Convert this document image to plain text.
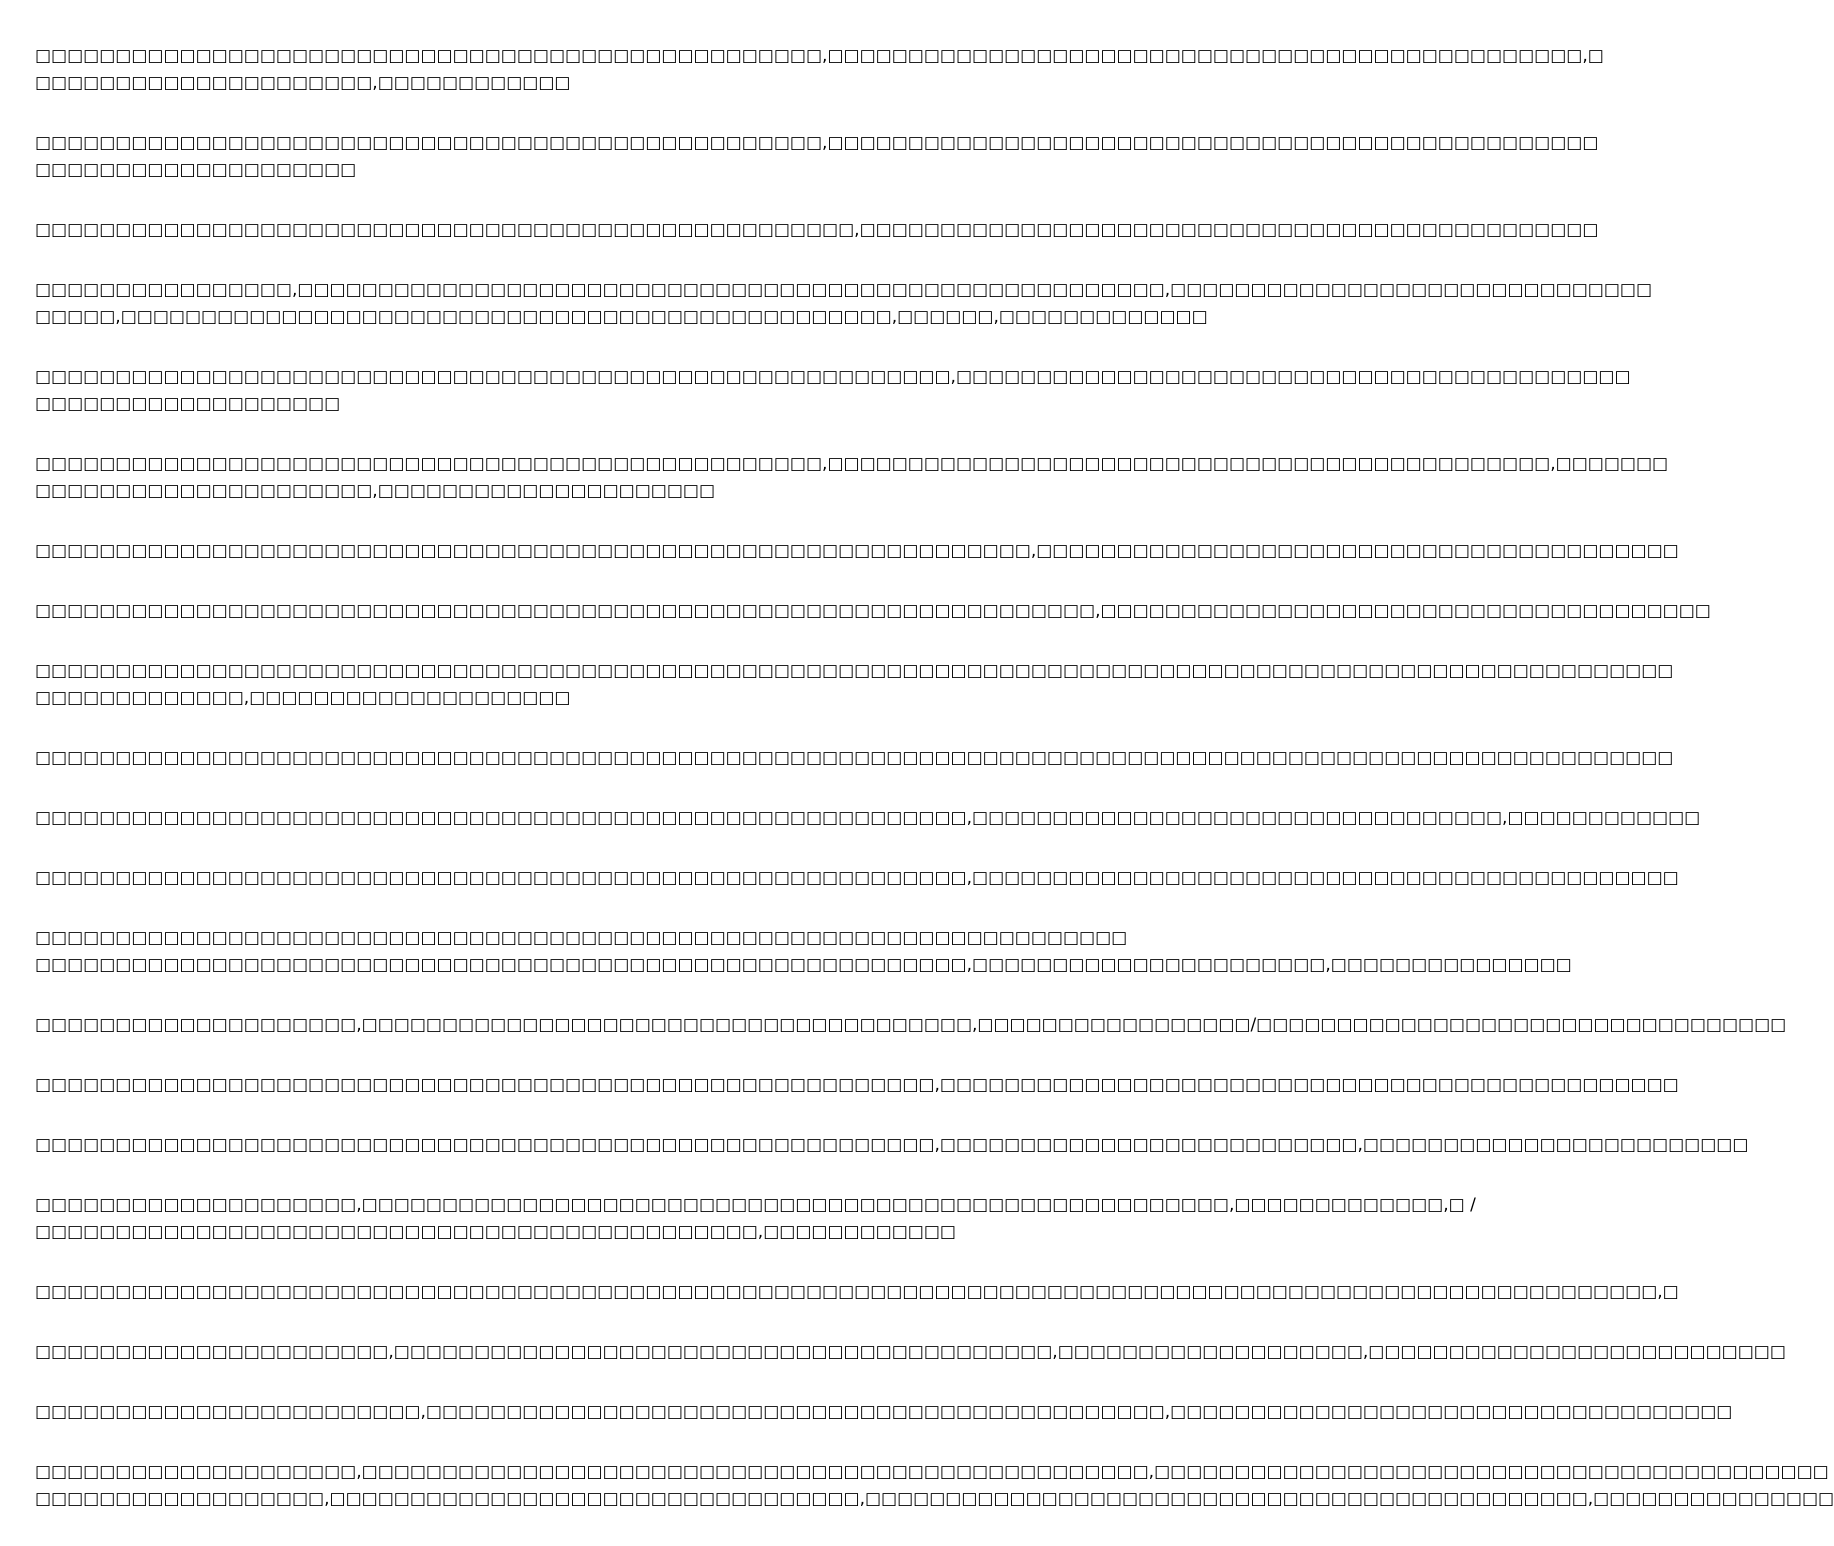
□□□□□□□□□□□□□□□□□□□□□□□□□□□□□□□□□□□□□□□□□□□□□□□□□,□□□□□□□□□□□□□□□□□□□□□□□□□□□□□□□□□□□□□□□□□□□□□□□,□
□□□□□□□□□□□□□□□□□□□□□,□□□□□□□□□□□□
□□□□□□□□□□□□□□□□□□□□□□□□□□□□□□□□□□□□□□□□□□□□□□□□□,□□□□□□□□□□□□□□□□□□□□□□□□□□□□□□□□□□□□□□□□□□□□□□□□
□□□□□□□□□□□□□□□□□□□□
□□□□□□□□□□□□□□□□□□□□□□□□□□□□□□□□□□□□□□□□□□□□□□□□□□□,□□□□□□□□□□□□□□□□□□□□□□□□□□□□□□□□□□□□□□□□□□□□□□
□□□□□□□□□□□□□□□□,□□□□□□□□□□□□□□□□□□□□□□□□□□□□□□□□□□□□□□□□□□□□□□□□□□□□□□,□□□□□□□□□□□□□□□□□□□□□□□□□□□□□□
□□□□□,□□□□□□□□□□□□□□□□□□□□□□□□□□□□□□□□□□□□□□□□□□□□□□□□,□□□□□□,□□□□□□□□□□□□□
□□□□□□□□□□□□□□□□□□□□□□□□□□□□□□□□□□□□□□□□□□□□□□□□□□□□□□□□□,□□□□□□□□□□□□□□□□□□□□□□□□□□□□□□□□□□□□□□□□□□
□□□□□□□□□□□□□□□□□□□
□□□□□□□□□□□□□□□□□□□□□□□□□□□□□□□□□□□□□□□□□□□□□□□□□,□□□□□□□□□□□□□□□□□□□□□□□□□□□□□□□□□□□□□□□□□□□□□,□□□□□□□
□□□□□□□□□□□□□□□□□□□□□,□□□□□□□□□□□□□□□□□□□□□
□□□□□□□□□□□□□□□□□□□□□□□□□□□□□□□□□□□□□□□□□□□□□□□□□□□□□□□□□□□□□□,□□□□□□□□□□□□□□□□□□□□□□□□□□□□□□□□□□□□□□□□
□□□□□□□□□□□□□□□□□□□□□□□□□□□□□□□□□□□□□□□□□□□□□□□□□□□□□□□□□□□□□□□□□□,□□□□□□□□□□□□□□□□□□□□□□□□□□□□□□□□□□□□□□
□□□□□□□□□□□□□□□□□□□□□□□□□□□□□□□□□□□□□□□□□□□□□□□□□□□□□□□□□□□□□□□□□□□□□□□□□□□□□□□□□□□□□□□□□□□□□□□□□□□□□□
□□□□□□□□□□□□□,□□□□□□□□□□□□□□□□□□□□
□□□□□□□□□□□□□□□□□□□□□□□□□□□□□□□□□□□□□□□□□□□□□□□□□□□□□□□□□□□□□□□□□□□□□□□□□□□□□□□□□□□□□□□□□□□□□□□□□□□□□□
□□□□□□□□□□□□□□□□□□□□□□□□□□□□□□□□□□□□□□□□□□□□□□□□□□□□□□□□□□,□□□□□□□□□□□□□□□□□□□□□□□□□□□□□□□□□,□□□□□□□□□□□□
□□□□□□□□□□□□□□□□□□□□□□□□□□□□□□□□□□□□□□□□□□□□□□□□□□□□□□□□□□,□□□□□□□□□□□□□□□□□□□□□□□□□□□□□□□□□□□□□□□□□□□□
□□□□□□□□□□□□□□□□□□□□□□□□□□□□□□□□□□□□□□□□□□□□□□□□□□□□□□□□□□□□□□□□□□□□
□□□□□□□□□□□□□□□□□□□□□□□□□□□□□□□□□□□□□□□□□□□□□□□□□□□□□□□□□□,□□□□□□□□□□□□□□□□□□□□□□,□□□□□□□□□□□□□□□
□□□□□□□□□□□□□□□□□□□□,□□□□□□□□□□□□□□□□□□□□□□□□□□□□□□□□□□□□□□,□□□□□□□□□□□□□□□□□/□□□□□□□□□□□□□□□□□□□□□□□□□□□□□□□□□
□□□□□□□□□□□□□□□□□□□□□□□□□□□□□□□□□□□□□□□□□□□□□□□□□□□□□□□□,□□□□□□□□□□□□□□□□□□□□□□□□□□□□□□□□□□□□□□□□□□□□□□
□□□□□□□□□□□□□□□□□□□□□□□□□□□□□□□□□□□□□□□□□□□□□□□□□□□□□□□□,□□□□□□□□□□□□□□□□□□□□□□□□□□,□□□□□□□□□□□□□□□□□□□□□□□□
□□□□□□□□□□□□□□□□□□□□,□□□□□□□□□□□□□□□□□□□□□□□□□□□□□□□□□□□□□□□□□□□□□□□□□□□□□□,□□□□□□□□□□□□□,□ /
□□□□□□□□□□□□□□□□□□□□□□□□□□□□□□□□□□□□□□□□□□□□□,□□□□□□□□□□□□
□□□□□□□□□□□□□□□□□□□□□□□□□□□□□□□□□□□□□□□□□□□□□□□□□□□□□□□□□□□□□□□□□□□□□□□□□□□□□□□□□□□□□□□□□□□□□□□□□□□□□,□
□□□□□□□□□□□□□□□□□□□□□□,□□□□□□□□□□□□□□□□□□□□□□□□□□□□□□□□□□□□□□□□□,□□□□□□□□□□□□□□□□□□□,□□□□□□□□□□□□□□□□□□□□□□□□□□
□□□□□□□□□□□□□□□□□□□□□□□□,□□□□□□□□□□□□□□□□□□□□□□□□□□□□□□□□□□□□□□□□□□□□□□,□□□□□□□□□□□□□□□□□□□□□□□□□□□□□□□□□□□
□□□□□□□□□□□□□□□□□□□□,□□□□□□□□□□□□□□□□□□□□□□□□□□□□□□□□□□□□□□□□□□□□□□□□□,□□□□□□□□□□□□□□□□□□□□□□□□□□□□□□□□□□□□□□□□□□
□□□□□□□□□□□□□□□□□□,□□□□□□□□□□□□□□□□□□□□□□□□□□□□□□□□□,□□□□□□□□□□□□□□□□□□□□□□□□□□□□□□□□□□□□□□□□□□□□□,□□□□□□□□□□□□□□□
